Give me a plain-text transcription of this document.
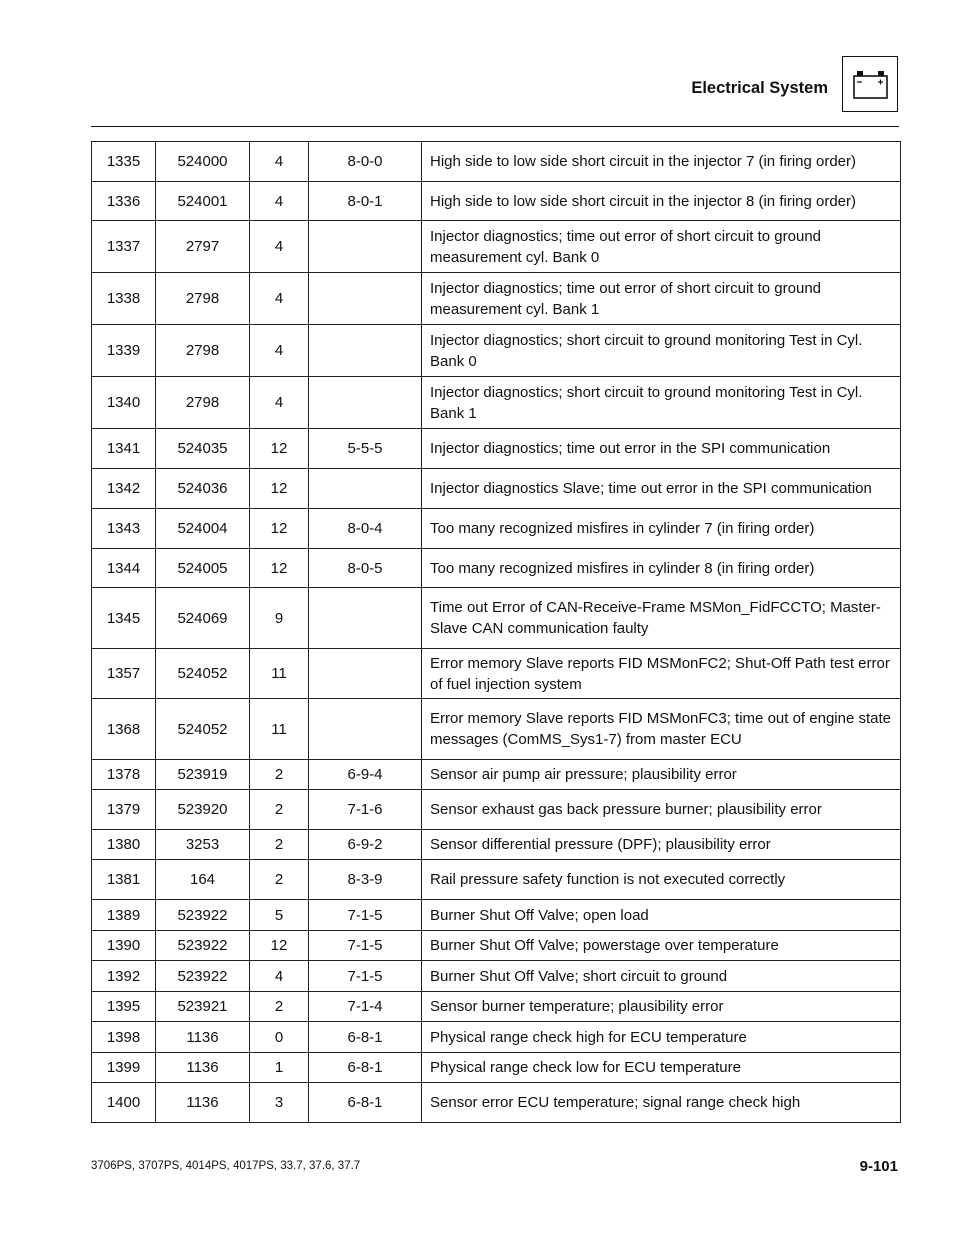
Electrical System
1335	524000	4	8-0-0	High side to low side short circuit in the injector 7 (in firing order)
1336	524001	4	8-0-1	High side to low side short circuit in the injector 8 (in firing order)
1337	2797	4		Injector diagnostics; time out error of short circuit to ground measurement cyl. Bank 0
1338	2798	4		Injector diagnostics; time out error of short circuit to ground measurement cyl. Bank 1
1339	2798	4		Injector diagnostics; short circuit to ground monitoring Test in Cyl. Bank 0
1340	2798	4		Injector diagnostics; short circuit to ground monitoring Test in Cyl. Bank 1
1341	524035	12	5-5-5	Injector diagnostics; time out error in the SPI communication
1342	524036	12		Injector diagnostics Slave; time out error in the SPI communication
1343	524004	12	8-0-4	Too many recognized misfires in cylinder 7 (in firing order)
1344	524005	12	8-0-5	Too many recognized misfires in cylinder 8 (in firing order)
1345	524069	9		Time out Error of CAN-Receive-Frame MSMon_FidFCCTO; Master-Slave CAN communication faulty
1357	524052	11		Error memory Slave reports FID MSMonFC2; Shut-Off Path test error of fuel injection system
1368	524052	11		Error memory Slave reports FID MSMonFC3; time out of engine state messages (ComMS_Sys1-7) from master ECU
1378	523919	2	6-9-4	Sensor air pump air pressure; plausibility error
1379	523920	2	7-1-6	Sensor exhaust gas back pressure burner; plausibility error
1380	3253	2	6-9-2	Sensor differential pressure (DPF); plausibility error
1381	164	2	8-3-9	Rail pressure safety function is not executed correctly
1389	523922	5	7-1-5	Burner Shut Off Valve; open load
1390	523922	12	7-1-5	Burner Shut Off Valve; powerstage over temperature
1392	523922	4	7-1-5	Burner Shut Off Valve; short circuit to ground
1395	523921	2	7-1-4	Sensor burner temperature; plausibility error
1398	1136	0	6-8-1	Physical range check high for ECU temperature
1399	1136	1	6-8-1	Physical range check low for ECU temperature
1400	1136	3	6-8-1	Sensor error ECU temperature; signal range check high
3706PS, 3707PS, 4014PS, 4017PS, 33.7, 37.6, 37.7	9-101
